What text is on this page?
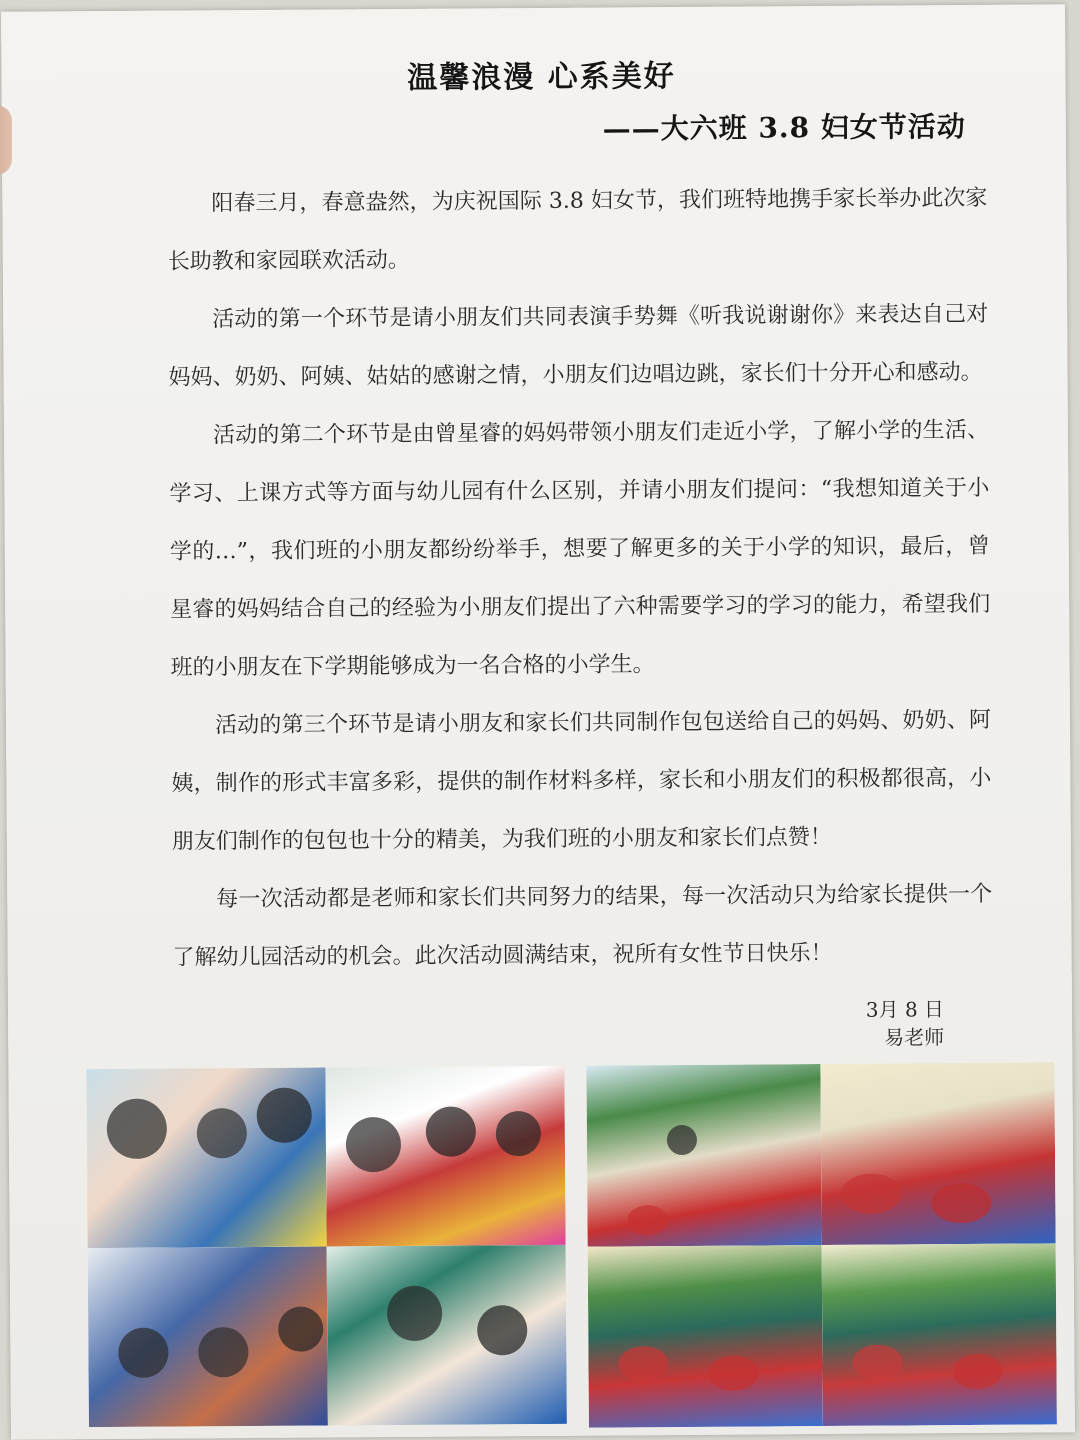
温馨浪漫 心系美好
——大六班 3.8 妇女节活动

阳春三月，春意盎然，为庆祝国际 3.8 妇女节，我们班特地携手家长举办此次家长助教和家园联欢活动。

活动的第一个环节是请小朋友们共同表演手势舞《听我说谢谢你》来表达自己对妈妈、奶奶、阿姨、姑姑的感谢之情，小朋友们边唱边跳，家长们十分开心和感动。

活动的第二个环节是由曾星睿的妈妈带领小朋友们走近小学，了解小学的生活、学习、上课方式等方面与幼儿园有什么区别，并请小朋友们提问：“我想知道关于小学的…”，我们班的小朋友都纷纷举手，想要了解更多的关于小学的知识，最后，曾星睿的妈妈结合自己的经验为小朋友们提出了六种需要学习的学习的能力，希望我们班的小朋友在下学期能够成为一名合格的小学生。

活动的第三个环节是请小朋友和家长们共同制作包包送给自己的妈妈、奶奶、阿姨，制作的形式丰富多彩，提供的制作材料多样，家长和小朋友们的积极都很高，小朋友们制作的包包也十分的精美，为我们班的小朋友和家长们点赞！

每一次活动都是老师和家长们共同努力的结果，每一次活动只为给家长提供一个了解幼儿园活动的机会。此次活动圆满结束，祝所有女性节日快乐！

3月 8 日
易老师
